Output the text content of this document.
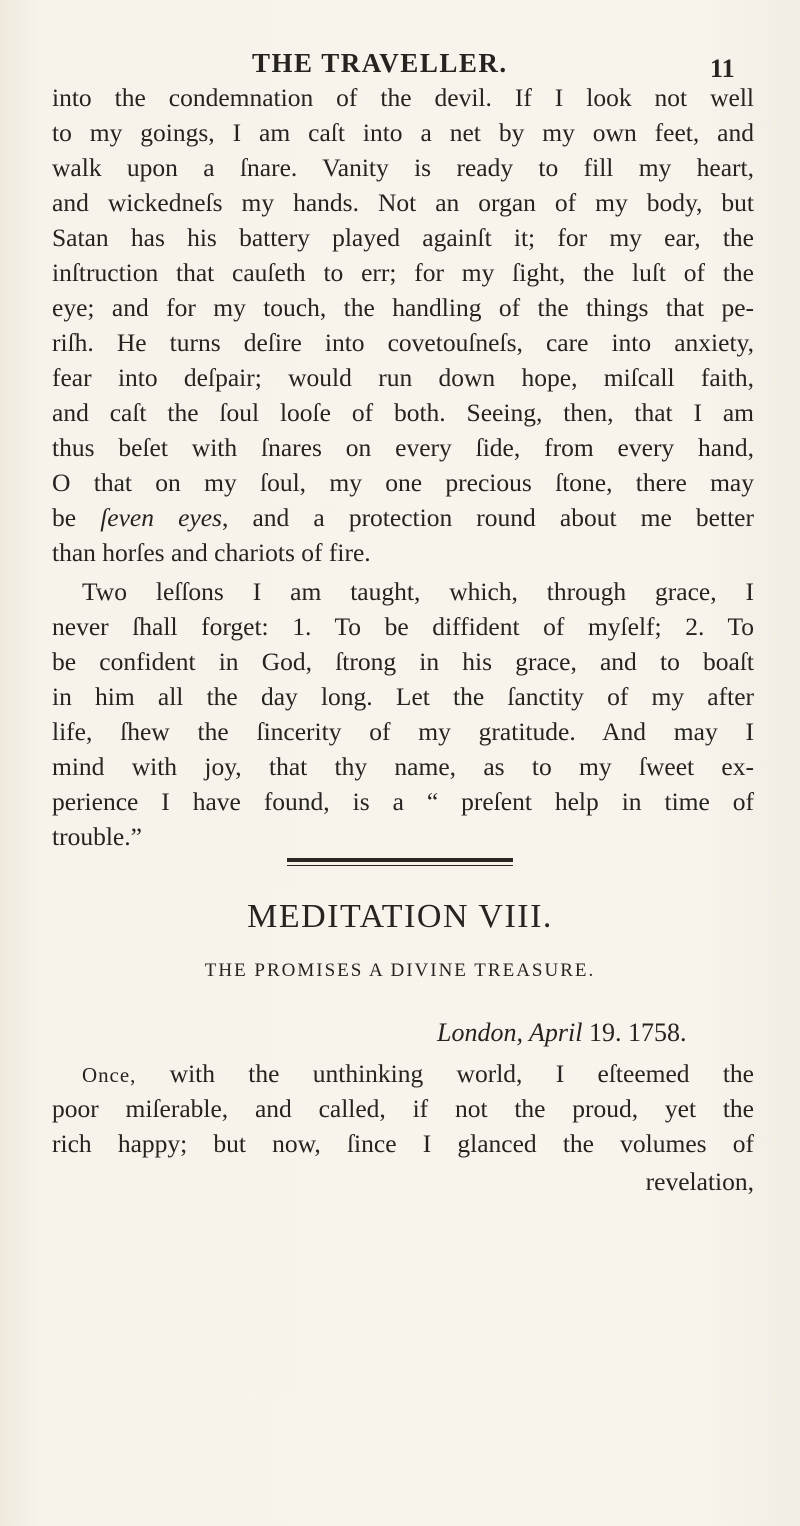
THE TRAVELLER.	11
into the condemnation of the devil. If I look not well
to my goings, I am caſt into a net by my own feet, and
walk upon a ſnare. Vanity is ready to fill my heart,
and wickedneſs my hands. Not an organ of my body, but
Satan has his battery played againſt it; for my ear, the
inſtruction that cauſeth to err; for my ſight, the luſt of the
eye; and for my touch, the handling of the things that pe-
riſh. He turns deſire into covetouſneſs, care into anxiety,
fear into deſpair; would run down hope, miſcall faith,
and caſt the ſoul looſe of both. Seeing, then, that I am
thus beſet with ſnares on every ſide, from every hand,
O that on my ſoul, my one precious ſtone, there may
be ſeven eyes, and a protection round about me better
than horſes and chariots of fire.
Two leſſons I am taught, which, through grace, I
never ſhall forget: 1. To be diffident of myſelf; 2. To
be confident in God, ſtrong in his grace, and to boaſt
in him all the day long. Let the ſanctity of my after
life, ſhew the ſincerity of my gratitude. And may I
mind with joy, that thy name, as to my ſweet ex-
perience I have found, is a “ preſent help in time of
trouble.”
MEDITATION VIII.
THE PROMISES A DIVINE TREASURE.
London, April 19. 1758.
Once, with the unthinking world, I eſteemed the
poor miſerable, and called, if not the proud, yet the
rich happy; but now, ſince I glanced the volumes of
revelation,
